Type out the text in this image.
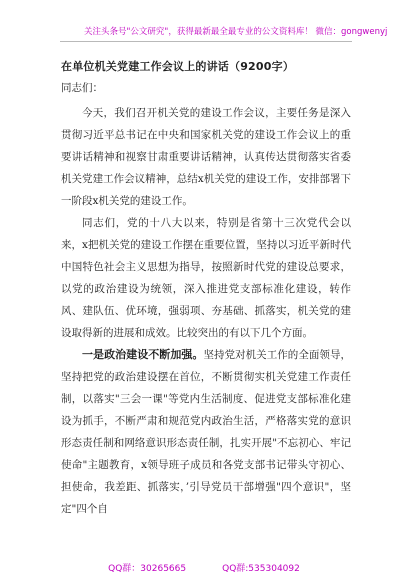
关注头条号"公文研究"，获得最新最全最专业的公文资料库！ 微信：gongwenyj

在单位机关党建工作会议上的讲话（9200字）

同志们：

今天，我们召开机关党的建设工作会议，主要任务是深入贯彻习近平总书记在中央和国家机关党的建设工作会议上的重要讲话精神和视察甘肃重要讲话精神，认真传达贯彻落实省委机关党建工作会议精神，总结x机关党的建设工作，安排部署下一阶段x机关党的建设工作。

同志们，党的十八大以来，特别是省第十三次党代会以来，x把机关党的建设工作摆在重要位置，坚持以习近平新时代中国特色社会主义思想为指导，按照新时代党的建设总要求，以党的政治建设为统领，深入推进党支部标准化建设，转作风、建队伍、优环境，强弱项、夯基础、抓落实，机关党的建设取得新的进展和成效。比较突出的有以下几个方面。

一是政治建设不断加强。坚持党对机关工作的全面领导，坚持把党的政治建设摆在首位，不断贯彻实机关党建工作责任制，以落实"三会一课"等党内生活制度、促进党支部标准化建设为抓手，不断严肃和规范党内政治生活，严格落实党的意识形态责任制和网络意识形态责任制，扎实开展"不忘初心、牢记使命"主题教育，x领导班子成员和各党支部书记带头守初心、担使命，我差距、抓落实，’引导党员干部增强"四个意识"，坚定"四个自

QQ群：30265665	QQ群:535304092
